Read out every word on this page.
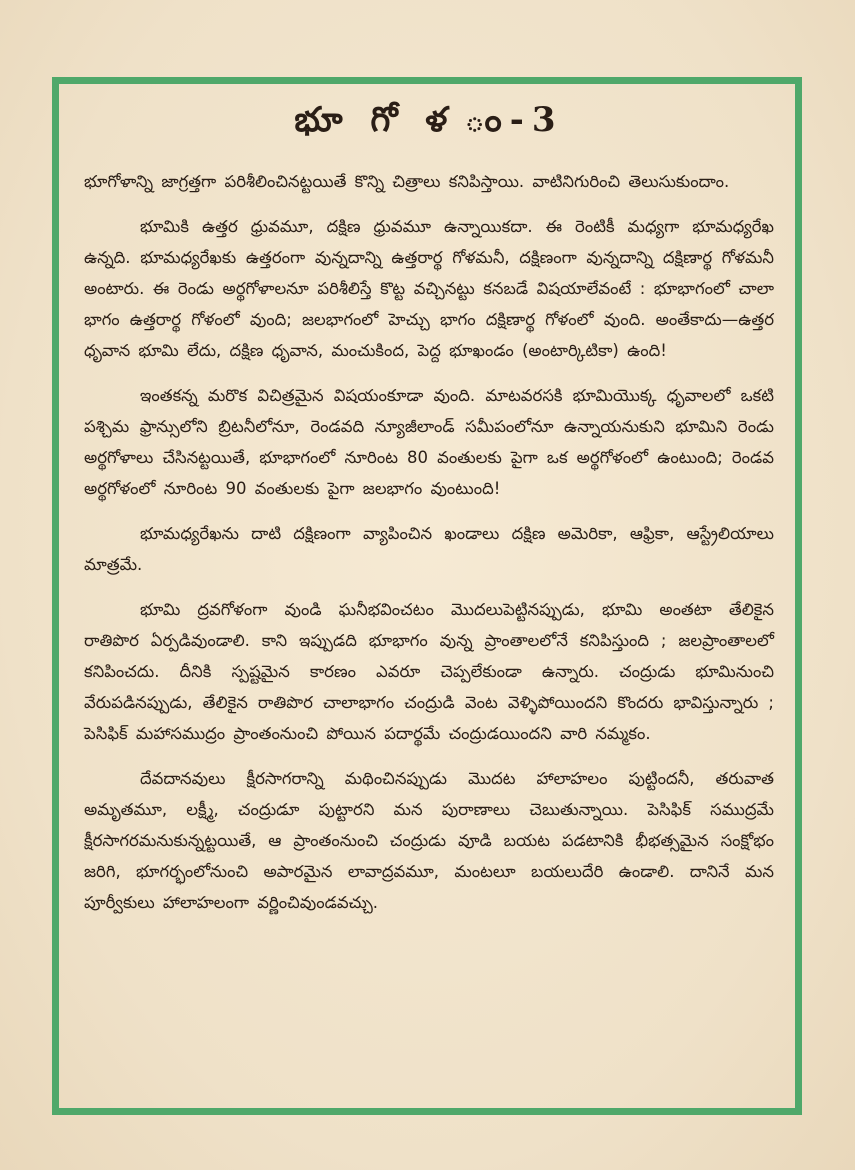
భూ గో ళ ం-3

భూగోళాన్ని జాగ్రత్తగా పరిశీలించినట్టయితే కొన్ని చిత్రాలు కనిపిస్తాయి. వాటినిగురించి తెలుసుకుందాం.

భూమికి ఉత్తర ధ్రువమూ, దక్షిణ ధ్రువమూ ఉన్నాయికదా. ఈ రెంటికీ మధ్యగా భూమధ్యరేఖ ఉన్నది. భూమధ్యరేఖకు ఉత్తరంగా వున్నదాన్ని ఉత్తరార్థ గోళమనీ, దక్షిణంగా వున్నదాన్ని దక్షిణార్థ గోళమనీ అంటారు. ఈ రెండు అర్థగోళాలనూ పరిశీలిస్తే కొట్ట వచ్చినట్టు కనబడే విషయాలేవంటే : భూభాగంలో చాలా భాగం ఉత్తరార్థ గోళంలో వుంది; జలభాగంలో హెచ్చు భాగం దక్షిణార్థ గోళంలో వుంది. అంతేకాదు—ఉత్తర ధృవాన భూమి లేదు, దక్షిణ ధృవాన, మంచుకింద, పెద్ద భూఖండం (అంటార్కిటికా) ఉంది!

ఇంతకన్న మరొక విచిత్రమైన విషయంకూడా వుంది. మాటవరసకి భూమియొక్క ధృవాలలో ఒకటి పశ్చిమ ఫ్రాన్సులోని బ్రిటనీలోనూ, రెండవది న్యూజీలాండ్ సమీపంలోనూ ఉన్నాయనుకుని భూమిని రెండు అర్థగోళాలు చేసినట్టయితే, భూభాగంలో నూరింట 80 వంతులకు పైగా ఒక అర్థగోళంలో ఉంటుంది; రెండవ అర్థగోళంలో నూరింట 90 వంతులకు పైగా జలభాగం వుంటుంది!

భూమధ్యరేఖను దాటి దక్షిణంగా వ్యాపించిన ఖండాలు దక్షిణ అమెరికా, ఆఫ్రికా, ఆస్ట్రేలియాలు మాత్రమే.

భూమి ద్రవగోళంగా వుండి ఘనీభవించటం మొదలుపెట్టినప్పుడు, భూమి అంతటా తేలికైన రాతిపొర ఏర్పడివుండాలి. కాని ఇప్పుడది భూభాగం వున్న ప్రాంతాలలోనే కనిపిస్తుంది ; జలప్రాంతాలలో కనిపించదు. దీనికి స్పష్టమైన కారణం ఎవరూ చెప్పలేకుండా ఉన్నారు. చంద్రుడు భూమినుంచి వేరుపడినప్పుడు, తేలికైన రాతిపొర చాలాభాగం చంద్రుడి వెంట వెళ్ళిపోయిందని కొందరు భావిస్తున్నారు ; పెసిఫిక్ మహాసముద్రం ప్రాంతంనుంచి పోయిన పదార్థమే చంద్రుడయిందని వారి నమ్మకం.

దేవదానవులు క్షీరసాగరాన్ని మథించినప్పుడు మొదట హాలాహలం పుట్టిందనీ, తరువాత అమృతమూ, లక్ష్మీ, చంద్రుడూ పుట్టారని మన పురాణాలు చెబుతున్నాయి. పెసిఫిక్ సముద్రమే క్షీరసాగరమనుకున్నట్టయితే, ఆ ప్రాంతంనుంచి చంద్రుడు వూడి బయట పడటానికి భీభత్సమైన సంక్షోభం జరిగి, భూగర్భంలోనుంచి అపారమైన లావాద్రవమూ, మంటలూ బయలుదేరి ఉండాలి. దానినే మన పూర్వీకులు హాలాహలంగా వర్ణించివుండవచ్చు.
